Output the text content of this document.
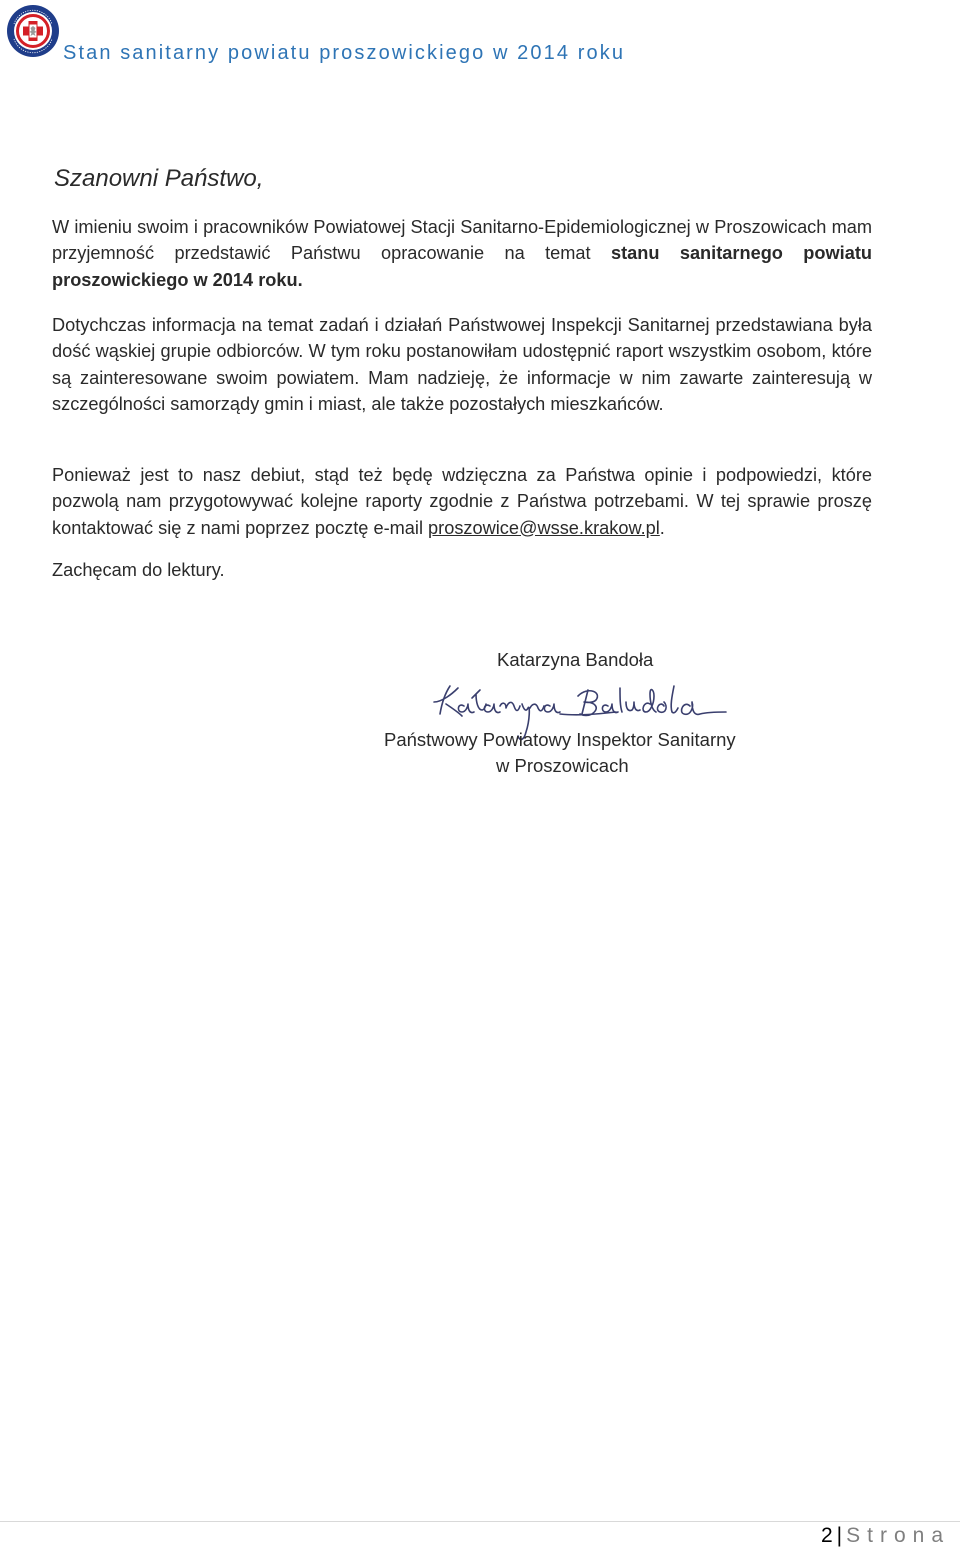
Stan sanitarny powiatu proszowickiego w 2014 roku
Szanowni Państwo,
W imieniu swoim i pracowników Powiatowej Stacji Sanitarno-Epidemiologicznej w Proszowicach mam przyjemność przedstawić Państwu opracowanie na temat stanu sanitarnego powiatu proszowickiego w 2014 roku.
Dotychczas informacja na temat zadań i działań Państwowej Inspekcji Sanitarnej przedstawiana była dość wąskiej grupie odbiorców. W tym roku postanowiłam udostępnić raport wszystkim osobom, które są zainteresowane swoim powiatem. Mam nadzieję, że informacje w nim zawarte zainteresują w szczególności samorządy gmin i miast, ale także pozostałych mieszkańców.
Ponieważ jest to nasz debiut, stąd też będę wdzięczna za Państwa opinie i podpowiedzi, które pozwolą nam przygotowywać kolejne raporty zgodnie z Państwa potrzebami. W tej sprawie proszę kontaktować się z nami poprzez pocztę e-mail proszowice@wsse.krakow.pl.
Zachęcam do lektury.
Katarzyna Bandoła
Państwowy Powiatowy Inspektor Sanitarny
w Proszowicach
2 | Strona
